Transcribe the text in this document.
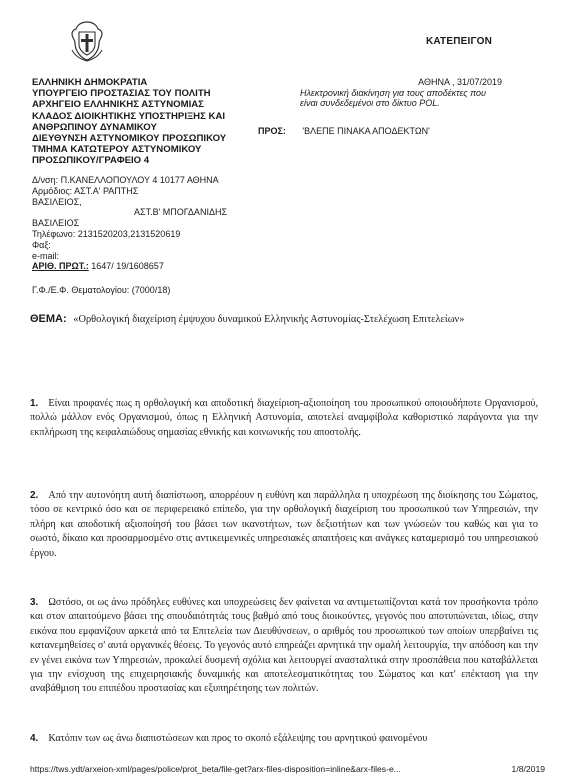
ΚΑΤΕΠΕΙΓΟΝ
ΕΛΛΗΝΙΚΗ ΔΗΜΟΚΡΑΤΙΑ
ΥΠΟΥΡΓΕΙΟ ΠΡΟΣΤΑΣΙΑΣ ΤΟΥ ΠΟΛΙΤΗ
ΑΡΧΗΓΕΙΟ ΕΛΛΗΝΙΚΗΣ ΑΣΤΥΝΟΜΙΑΣ
ΚΛΑΔΟΣ ΔΙΟΙΚΗΤΙΚΗΣ ΥΠΟΣΤΗΡΙΞΗΣ ΚΑΙ
ΑΝΘΡΩΠΙΝΟΥ ΔΥΝΑΜΙΚΟΥ
ΔΙΕΥΘΥΝΣΗ ΑΣΤΥΝΟΜΙΚΟΥ ΠΡΟΣΩΠΙΚΟΥ
ΤΜΗΜΑ ΚΑΤΩΤΕΡΟΥ ΑΣΤΥΝΟΜΙΚΟΥ
ΠΡΟΣΩΠΙΚΟΥ/ΓΡΑΦΕΙΟ 4
Δ/νση: Π.ΚΑΝΕΛΛΟΠΟΥΛΟΥ 4 10177 ΑΘΗΝΑ
Αρμόδιος: ΑΣΤ.Α' ΡΑΠΤΗΣ
ΒΑΣΙΛΕΙΟΣ,
ΑΣΤ.Β' ΜΠΟΓΔΑΝΙΔΗΣ
ΒΑΣΙΛΕΙΟΣ
Τηλέφωνο: 2131520203,2131520619
Φαξ:
e-mail:
ΑΡΙΘ. ΠΡΩΤ.: 1647/ 19/1608657
Γ.Φ./Ε.Φ. Θεματολογίου: (7000/18)
ΑΘΗΝΑ , 31/07/2019
Ηλεκτρονική διακίνηση για τους αποδέκτες που
είναι συνδεδεμένοι στο δίκτυο POL.
ΠΡΟΣ: 'ΒΛΕΠΕ ΠΙΝΑΚΑ ΑΠΟΔΕΚΤΩΝ'
ΘΕΜΑ: «Ορθολογική διαχείριση έμψυχου δυναμικού Ελληνικής Αστυνομίας-Στελέχωση Επιτελείων»
1. Είναι προφανές πως η ορθολογική και αποδοτική διαχείριση-αξιοποίηση του προσωπικού οποιουδήποτε Οργανισμού, πολλώ μάλλον ενός Οργανισμού, όπως η Ελληνική Αστυνομία, αποτελεί αναμφίβολα καθοριστικό παράγοντα για την εκπλήρωση της κεφαλαιώδους σημασίας εθνικής και κοινωνικής του αποστολής.
2. Από την αυτονόητη αυτή διαπίστωση, απορρέουν η ευθύνη και παράλληλα η υποχρέωση της διοίκησης του Σώματος, τόσο σε κεντρικό όσο και σε περιφερειακό επίπεδο, για την ορθολογική διαχείριση του προσωπικού των Υπηρεσιών, την πλήρη και αποδοτική αξιοποίησή του βάσει των ικανοτήτων, των δεξιοτήτων και των γνώσεών του καθώς και για το σωστό, δίκαιο και προσαρμοσμένο στις αντικειμενικές υπηρεσιακές απαιτήσεις και ανάγκες καταμερισμό του υπηρεσιακού έργου.
3. Ωστόσο, οι ως άνω πρόδηλες ευθύνες και υποχρεώσεις δεν φαίνεται να αντιμετωπίζονται κατά τον προσήκοντα τρόπο και στον απαιτούμενο βάσει της σπουδαιότητάς τους βαθμό από τους διοικούντες, γεγονός που αποτυπώνεται, ιδίως, στην εικόνα που εμφανίζουν αρκετά από τα Επιτελεία των Διευθύνσεων, ο αριθμός του προσωπικού των οποίων υπερβαίνει τις κατανεμηθείσες σ' αυτά οργανικές θέσεις. Το γεγονός αυτό επηρεάζει αρνητικά την ομαλή λειτουργία, την απόδοση και την εν γένει εικόνα των Υπηρεσιών, προκαλεί δυσμενή σχόλια και λειτουργεί ανασταλτικά στην προσπάθεια που καταβάλλεται για την ενίσχυση της επιχειρησιακής δυναμικής και αποτελεσματικότητας του Σώματος και κατ' επέκταση για την αναβάθμιση του επιπέδου προστασίας και εξυπηρέτησης των πολιτών.
4. Κατόπιν των ως άνω διαπιστώσεων και προς το σκοπό εξάλειψης του αρνητικού φαινομένου
https://tws.ydt/arxeion-xml/pages/police/prot_beta/file-get?arx-files-disposition=inline&arx-files-e...	1/8/2019
